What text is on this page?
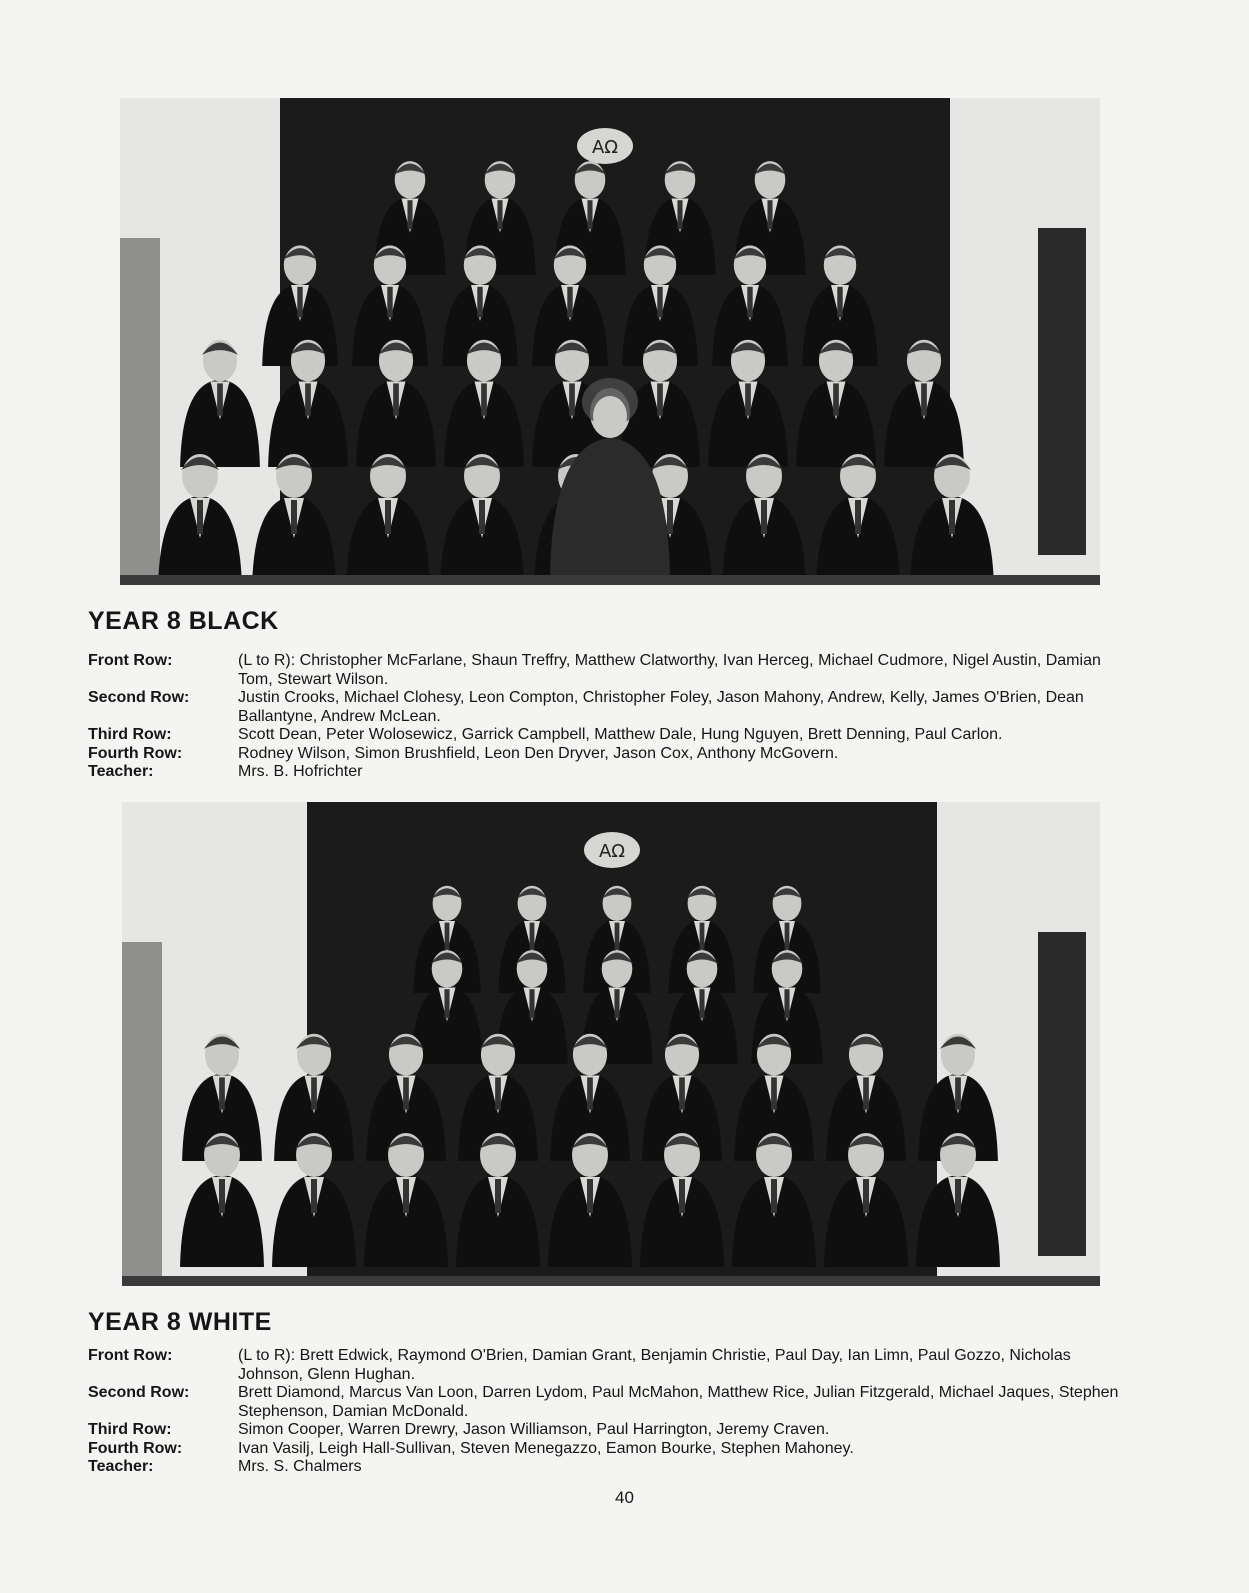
ΑΩ
YEAR 8 BLACK
Front Row:	(L to R): Christopher McFarlane, Shaun Treffry, Matthew Clatworthy, Ivan Herceg, Michael Cudmore, Nigel Austin, Damian Tom, Stewart Wilson.
Second Row:	Justin Crooks, Michael Clohesy, Leon Compton, Christopher Foley, Jason Mahony, Andrew, Kelly, James O'Brien, Dean Ballantyne, Andrew McLean.
Third Row:	Scott Dean, Peter Wolosewicz, Garrick Campbell, Matthew Dale, Hung Nguyen, Brett Denning, Paul Carlon.
Fourth Row:	Rodney Wilson, Simon Brushfield, Leon Den Dryver, Jason Cox, Anthony McGovern.
Teacher:	Mrs. B. Hofrichter
ΑΩ
YEAR 8 WHITE
Front Row:	(L to R): Brett Edwick, Raymond O'Brien, Damian Grant, Benjamin Christie, Paul Day, Ian Limn, Paul Gozzo, Nicholas Johnson, Glenn Hughan.
Second Row:	Brett Diamond, Marcus Van Loon, Darren Lydom, Paul McMahon, Matthew Rice, Julian Fitzgerald, Michael Jaques, Stephen Stephenson, Damian McDonald.
Third Row:	Simon Cooper, Warren Drewry, Jason Williamson, Paul Harrington, Jeremy Craven.
Fourth Row:	Ivan Vasilj, Leigh Hall-Sullivan, Steven Menegazzo, Eamon Bourke, Stephen Mahoney.
Teacher:	Mrs. S. Chalmers
40
